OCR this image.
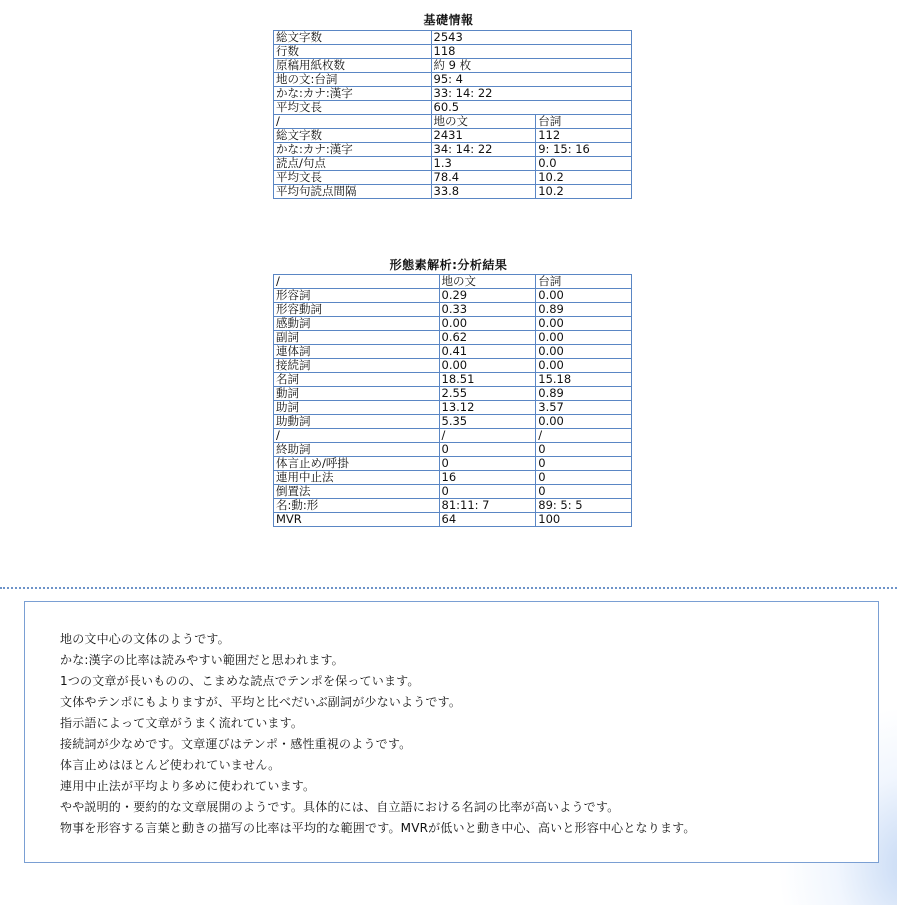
基礎情報
総文字数	2543	
行数	118	
原稿用紙枚数	約 9 枚	
地の文:台詞	95: 4	
かな:カナ:漢字	33: 14: 22	
平均文長	60.5	
/	地の文	台詞
総文字数	2431	112
かな:カナ:漢字	34: 14: 22	9: 15: 16
読点/句点	1.3	0.0
平均文長	78.4	10.2
平均句読点間隔	33.8	10.2
形態素解析:分析結果
/	地の文	台詞
形容詞	0.29	0.00
形容動詞	0.33	0.89
感動詞	0.00	0.00
副詞	0.62	0.00
連体詞	0.41	0.00
接続詞	0.00	0.00
名詞	18.51	15.18
動詞	2.55	0.89
助詞	13.12	3.57
助動詞	5.35	0.00
/	/	/
終助詞	0	0
体言止め/呼掛	0	0
連用中止法	16	0
倒置法	0	0
名:動:形	81:11: 7	89: 5: 5
MVR	64	100
地の文中心の文体のようです。
かな:漢字の比率は読みやすい範囲だと思われます。
1つの文章が長いものの、こまめな読点でテンポを保っています。
文体やテンポにもよりますが、平均と比べだいぶ副詞が少ないようです。
指示語によって文章がうまく流れています。
接続詞が少なめです。文章運びはテンポ・感性重視のようです。
体言止めはほとんど使われていません。
連用中止法が平均より多めに使われています。
やや説明的・要約的な文章展開のようです。具体的には、自立語における名詞の比率が高いようです。
物事を形容する言葉と動きの描写の比率は平均的な範囲です。MVRが低いと動き中心、高いと形容中心となります。
